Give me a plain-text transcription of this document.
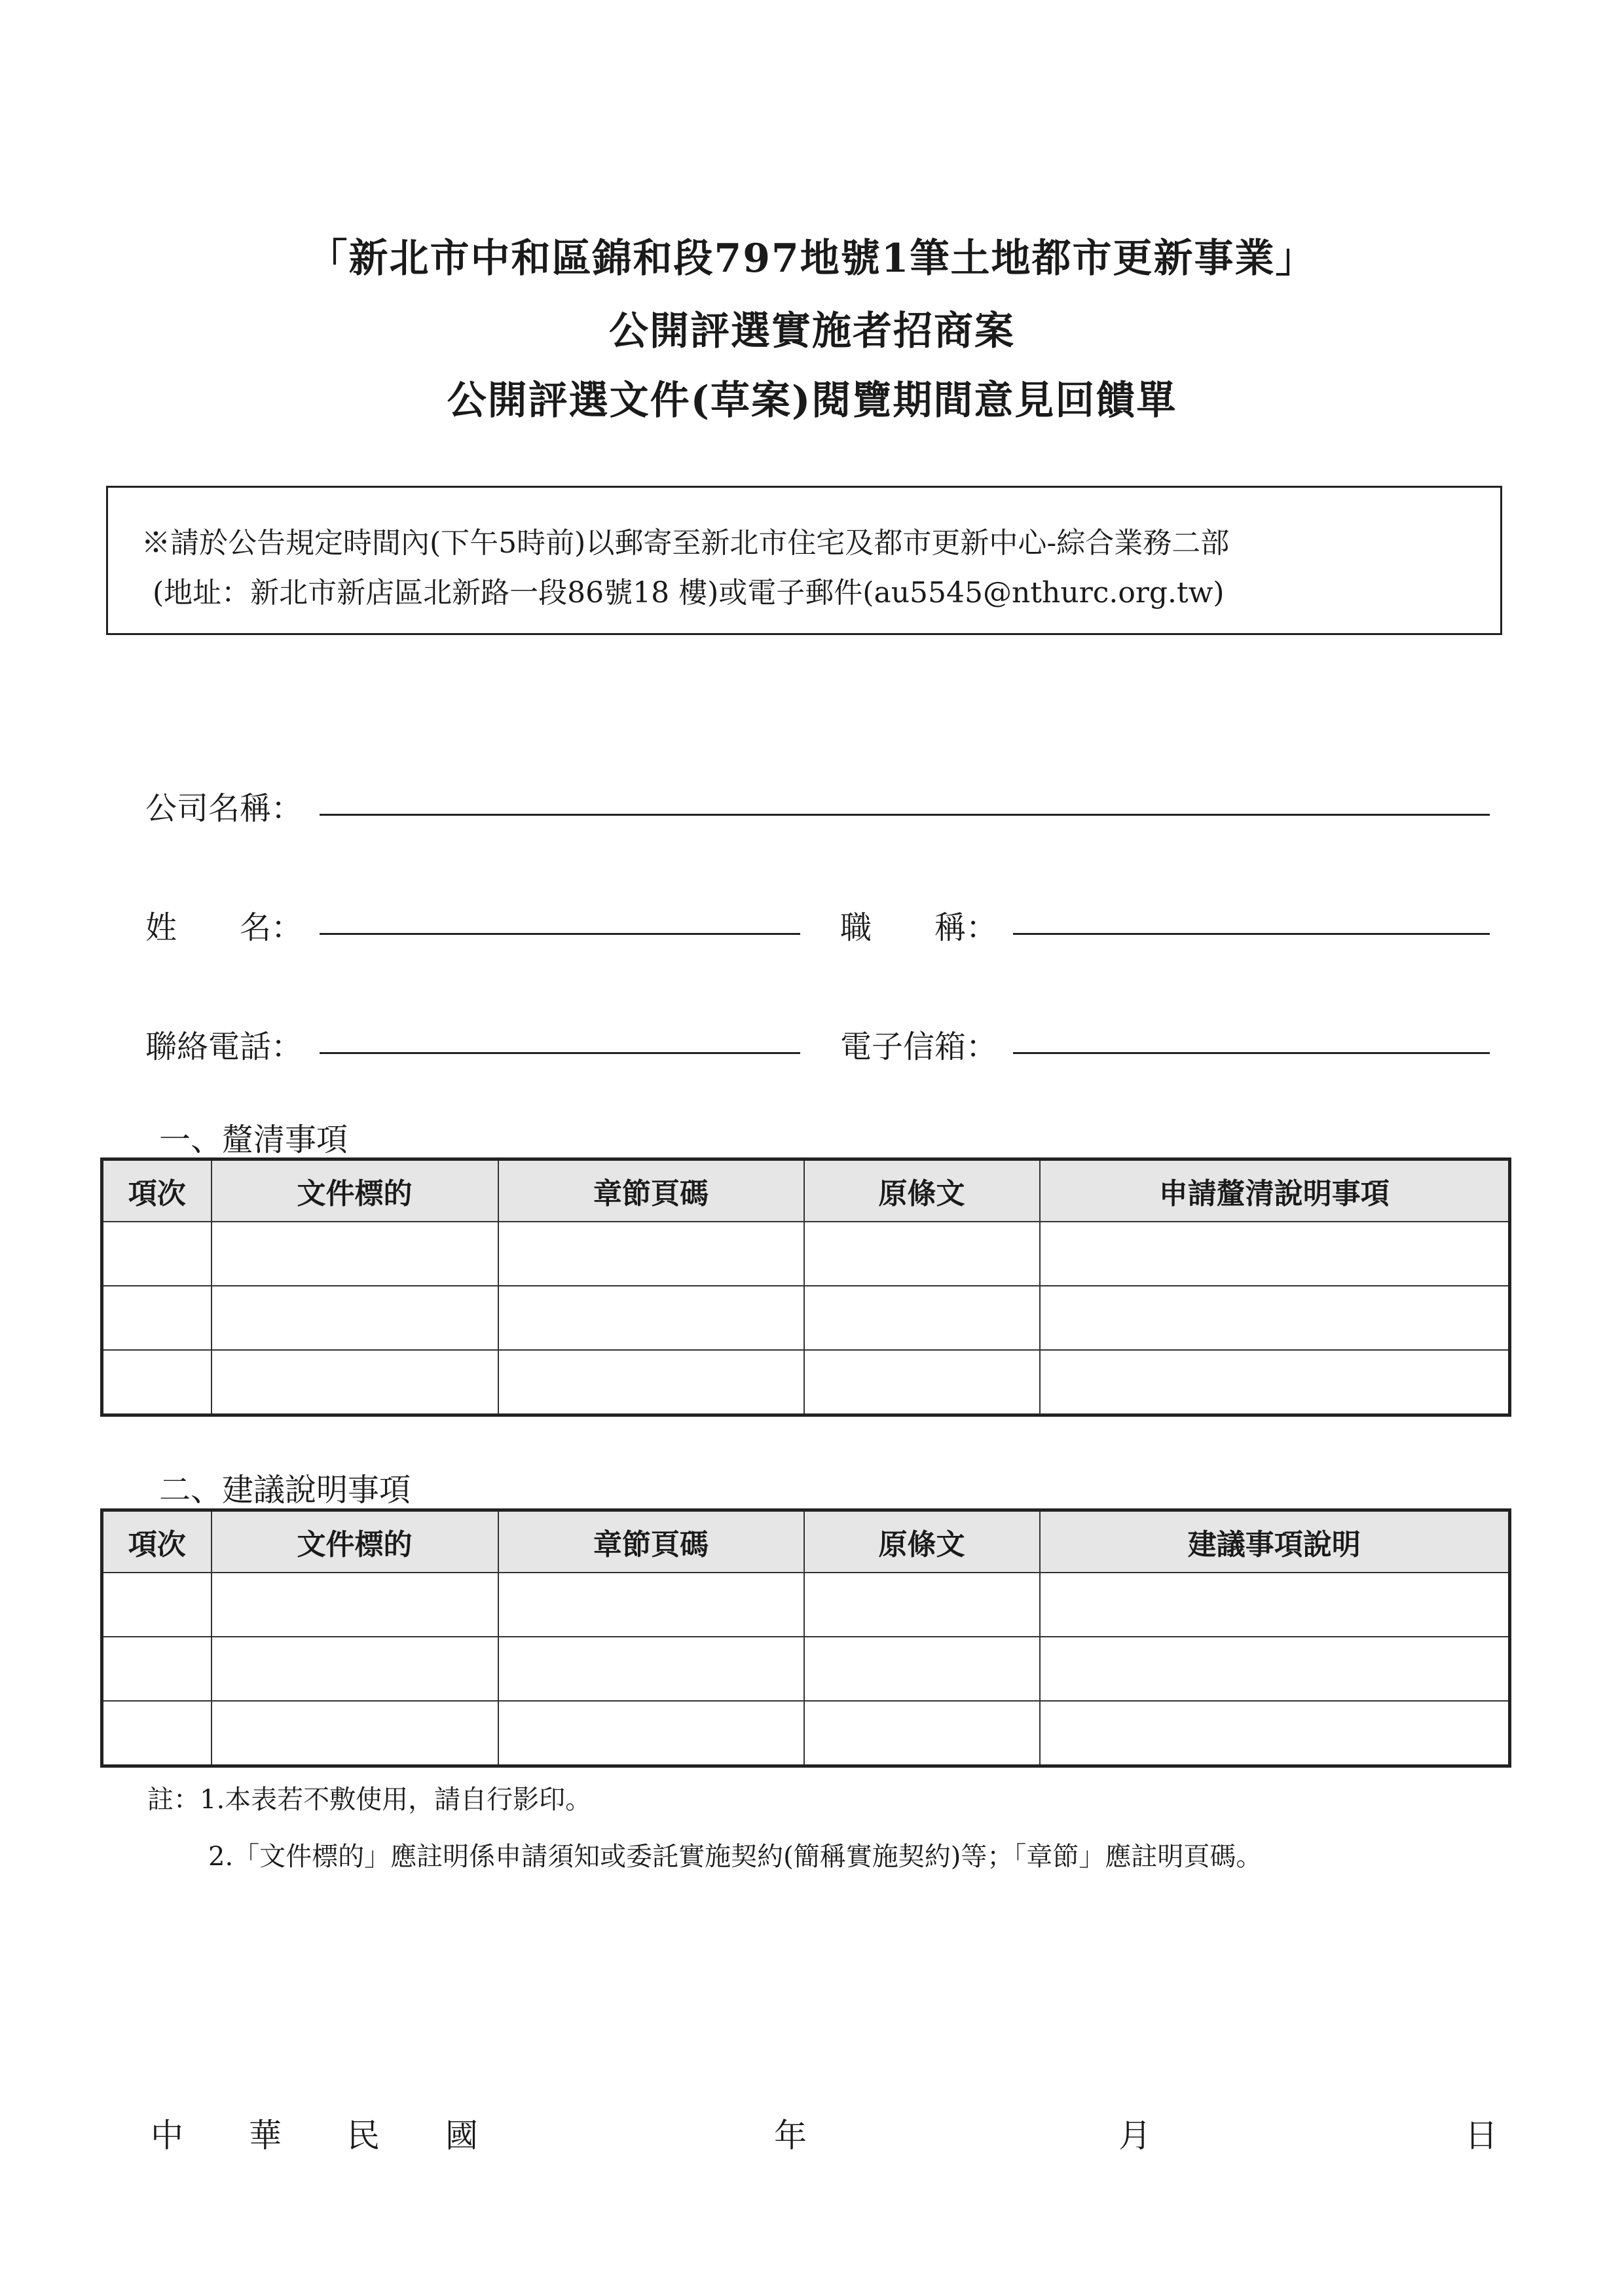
「新北市中和區錦和段797地號1筆土地都市更新事業」
公開評選實施者招商案
公開評選文件(草案)閱覽期間意見回饋單
※請於公告規定時間內(下午5時前)以郵寄至新北市住宅及都市更新中心-綜合業務二部
(地址：新北市新店區北新路一段86號18 樓)或電子郵件(au5545@nthurc.org.tw)
公司名稱：
姓　　名：	職　　稱：
聯絡電話：	電子信箱：
一、釐清事項
項次	文件標的	章節頁碼	原條文	申請釐清說明事項

二、建議說明事項
項次	文件標的	章節頁碼	原條文	建議事項說明

註：1.本表若不敷使用，請自行影印。
2.「文件標的」應註明係申請須知或委託實施契約(簡稱實施契約)等；「章節」應註明頁碼。
中　　華　　民　　國	年	月	日
